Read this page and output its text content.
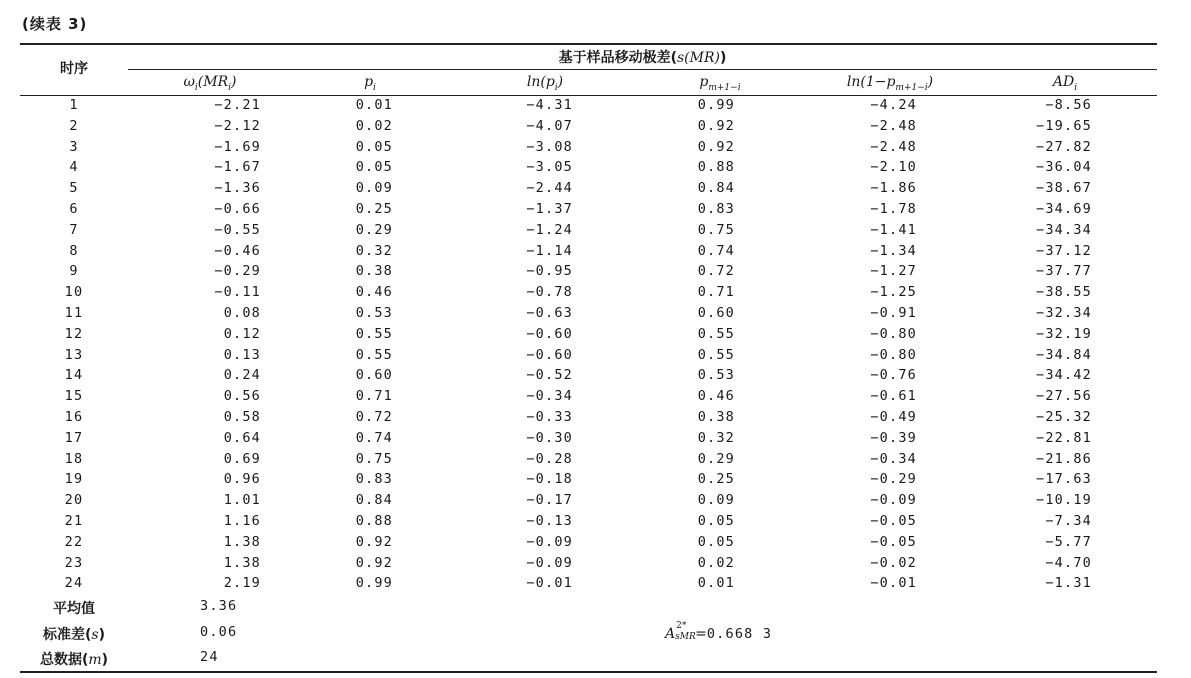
(续表 3)
时序
基于样品移动极差(s(MR))
$\omega_i(MR_i)$	$p_i$	$\ln(p_i)$	$p_{m+1-i}$	$\ln(1-p_{m+1-i})$	$AD_i$
1	−2.21	0.01	−4.31	0.99	−4.24	−8.56
2	−2.12	0.02	−4.07	0.92	−2.48	−19.65
3	−1.69	0.05	−3.08	0.92	−2.48	−27.82
4	−1.67	0.05	−3.05	0.88	−2.10	−36.04
5	−1.36	0.09	−2.44	0.84	−1.86	−38.67
6	−0.66	0.25	−1.37	0.83	−1.78	−34.69
7	−0.55	0.29	−1.24	0.75	−1.41	−34.34
8	−0.46	0.32	−1.14	0.74	−1.34	−37.12
9	−0.29	0.38	−0.95	0.72	−1.27	−37.77
10	−0.11	0.46	−0.78	0.71	−1.25	−38.55
11	0.08	0.53	−0.63	0.60	−0.91	−32.34
12	0.12	0.55	−0.60	0.55	−0.80	−32.19
13	0.13	0.55	−0.60	0.55	−0.80	−34.84
14	0.24	0.60	−0.52	0.53	−0.76	−34.42
15	0.56	0.71	−0.34	0.46	−0.61	−27.56
16	0.58	0.72	−0.33	0.38	−0.49	−25.32
17	0.64	0.74	−0.30	0.32	−0.39	−22.81
18	0.69	0.75	−0.28	0.29	−0.34	−21.86
19	0.96	0.83	−0.18	0.25	−0.29	−17.63
20	1.01	0.84	−0.17	0.09	−0.09	−10.19
21	1.16	0.88	−0.13	0.05	−0.05	−7.34
22	1.38	0.92	−0.09	0.05	−0.05	−5.77
23	1.38	0.92	−0.09	0.02	−0.02	−4.70
24	2.19	0.99	−0.01	0.01	−0.01	−1.31
平均值	3.36
标准差(s)	0.06
总数据(m)	24
A 2*
sMR =0.668 3
